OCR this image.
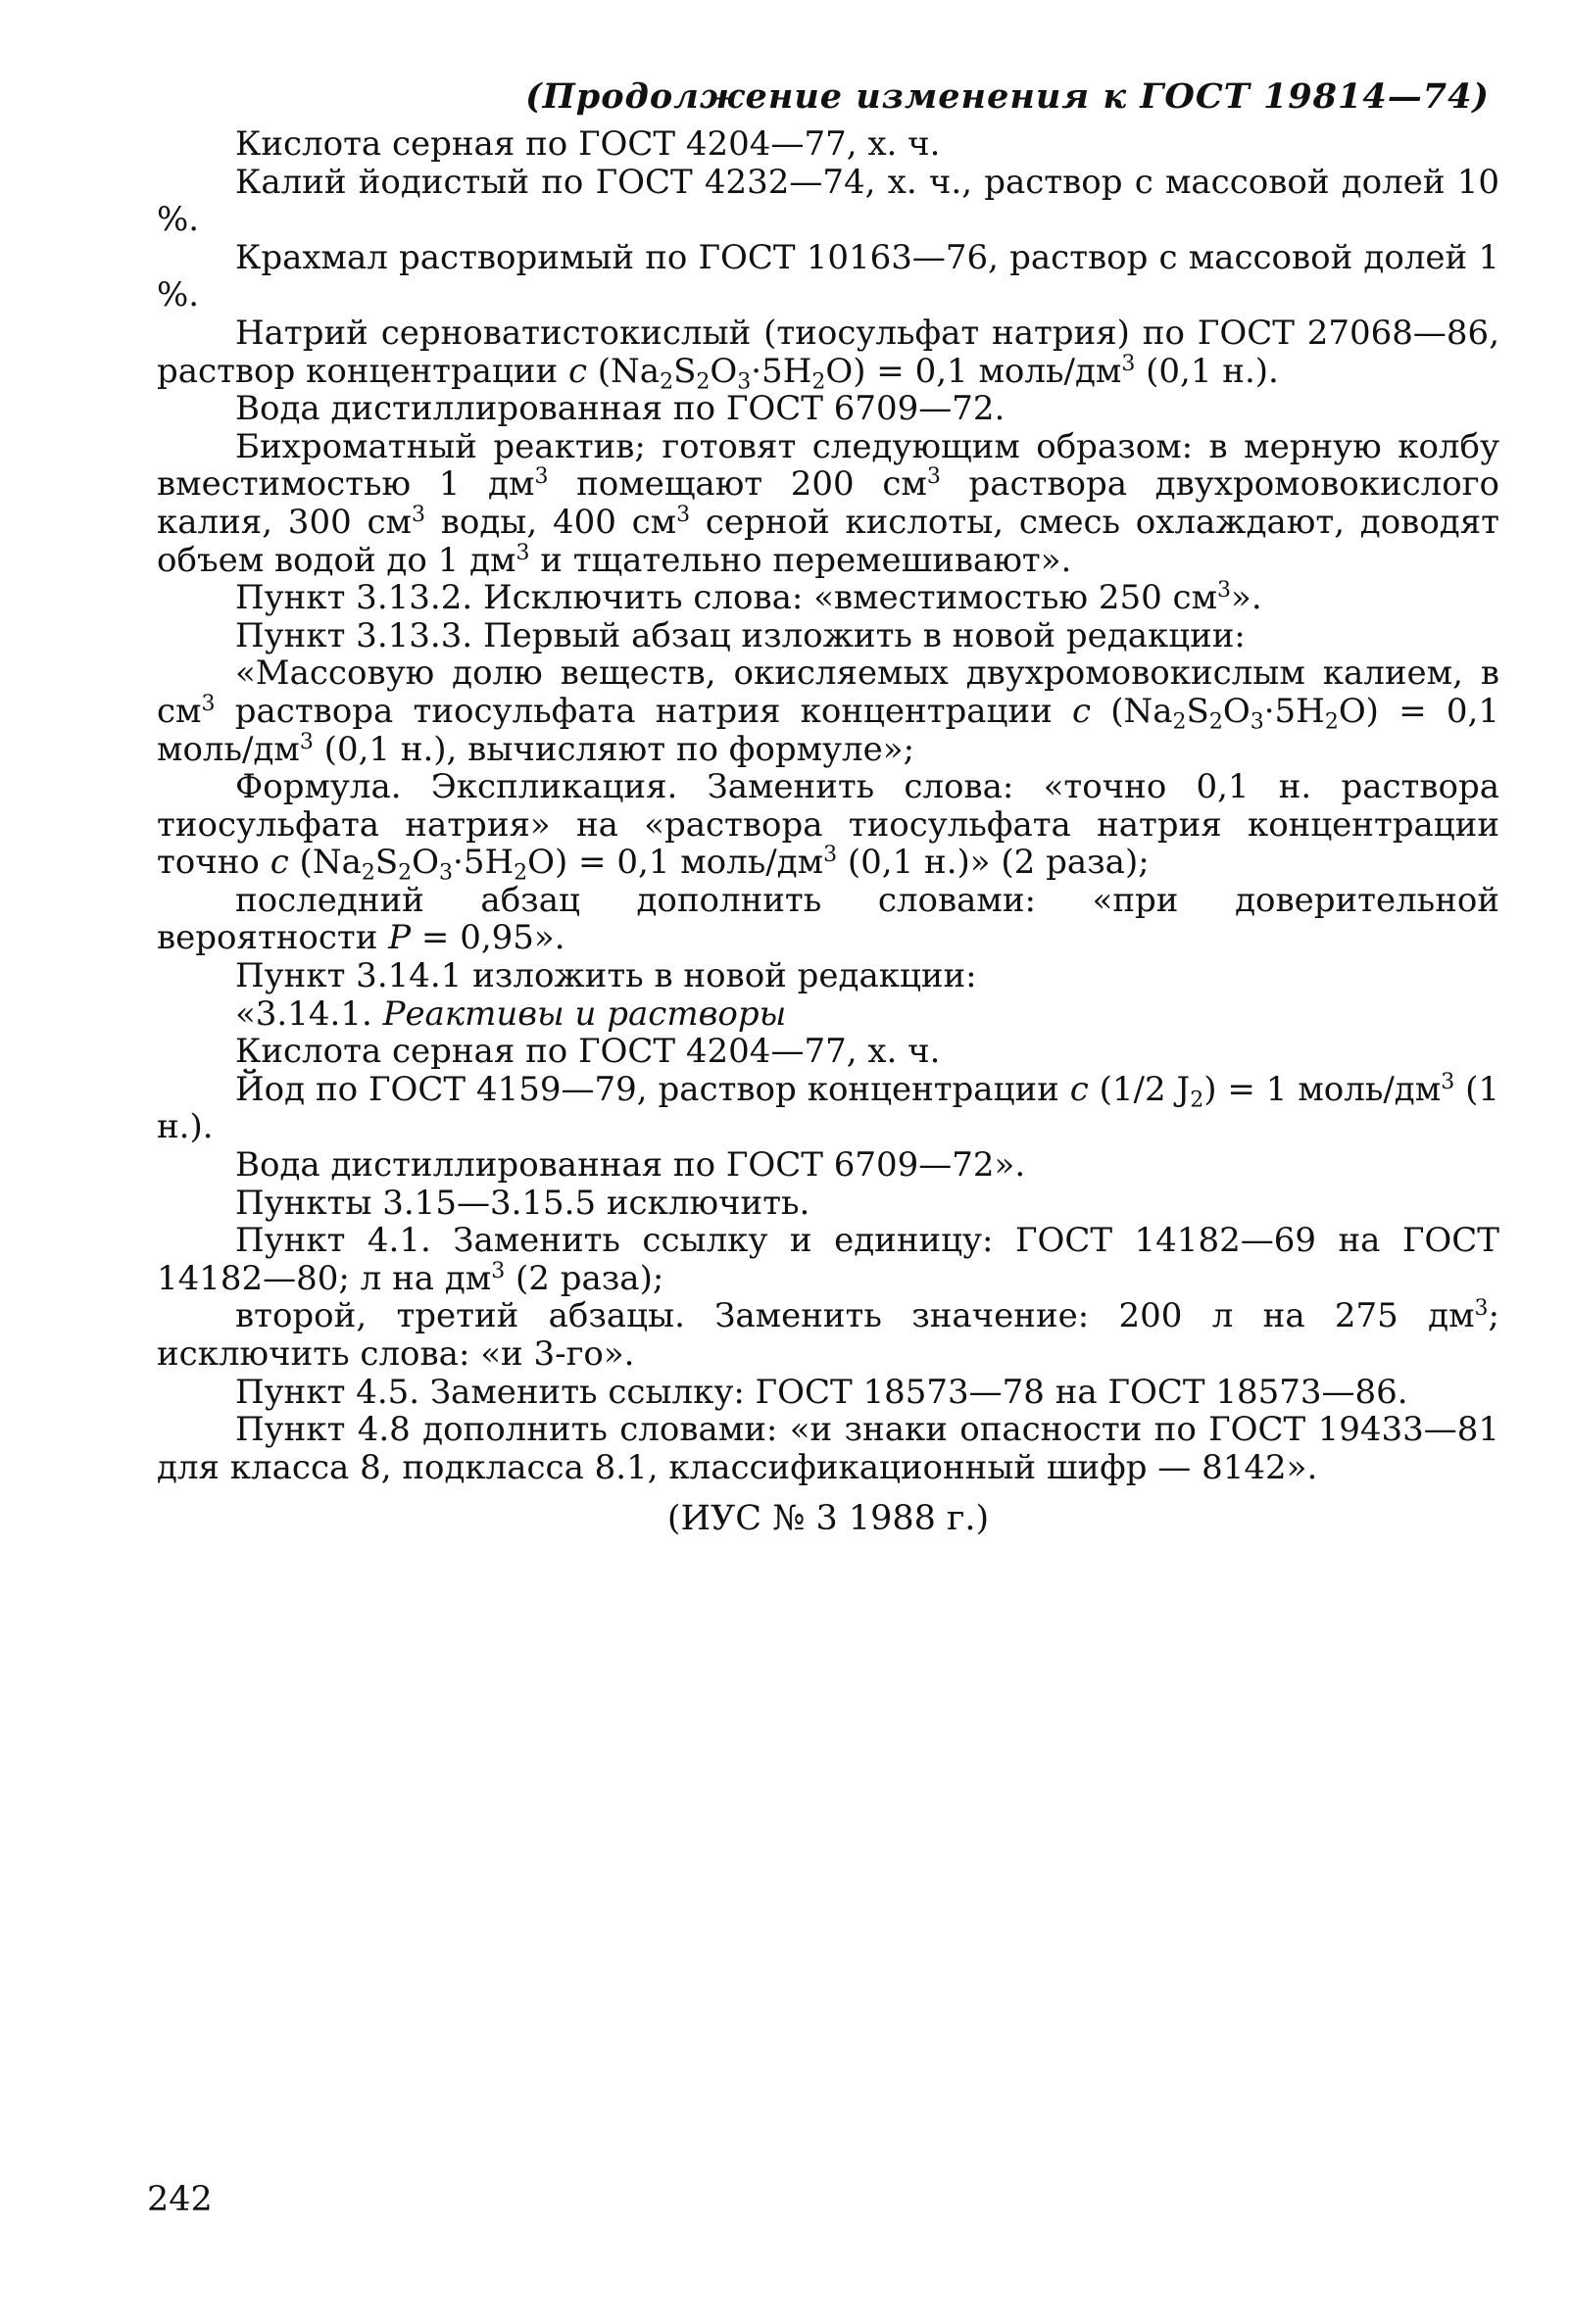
(Продолжение изменения к ГОСТ 19814—74)

Кислота серная по ГОСТ 4204—77, х. ч.

Калий йодистый по ГОСТ 4232—74, х. ч., раствор с массовой долей 10 %.

Крахмал растворимый по ГОСТ 10163—76, раствор с массовой долей 1 %.

Натрий серноватистокислый (тиосульфат натрия) по ГОСТ 27068—86, раствор концентрации c $(Na_2S_2O_3\cdot 5H_2O) = 0,1$ моль/$дм^3$ (0,1 н.).

Вода дистиллированная по ГОСТ 6709—72.

Бихроматный реактив; готовят следующим образом: в мерную колбу вместимостью 1 $дм^3$ помещают 200 $см^3$ раствора двухромовокислого калия, 300 $см^3$ воды, 400 $см^3$ серной кислоты, смесь охлаждают, доводят объем водой до 1 $дм^3$ и тщательно перемешивают».

Пункт 3.13.2. Исключить слова: «вместимостью 250 $см^3$».

Пункт 3.13.3. Первый абзац изложить в новой редакции:

«Массовую долю веществ, окисляемых двухромовокислым калием, в $см^3$ раствора тиосульфата натрия концентрации c $(Na_2S_2O_3\cdot 5H_2O) = 0,1$ моль/$дм^3$ (0,1 н.), вычисляют по формуле»;

Формула. Экспликация. Заменить слова: «точно 0,1 н. раствора тиосульфата натрия» на «раствора тиосульфата натрия концентрации точно c $(Na_2S_2O_3\cdot 5H_2O) = 0,1$ моль/$дм^3$ (0,1 н.)» (2 раза);

последний абзац дополнить словами: «при доверительной вероятности P = 0,95».

Пункт 3.14.1 изложить в новой редакции:

«3.14.1. Реактивы и растворы

Кислота серная по ГОСТ 4204—77, х. ч.

Йод по ГОСТ 4159—79, раствор концентрации c (1/2 $J_2) = 1$ моль/$дм^3$ (1 н.).

Вода дистиллированная по ГОСТ 6709—72».

Пункты 3.15—3.15.5 исключить.

Пункт 4.1. Заменить ссылку и единицу: ГОСТ 14182—69 на ГОСТ 14182—80; л на $дм^3$ (2 раза);

второй, третий абзацы. Заменить значение: 200 л на 275 $дм^3$; исключить слова: «и 3-го».

Пункт 4.5. Заменить ссылку: ГОСТ 18573—78 на ГОСТ 18573—86.

Пункт 4.8 дополнить словами: «и знаки опасности по ГОСТ 19433—81 для класса 8, подкласса 8.1, классификационный шифр — 8142».

(ИУС № 3 1988 г.)

242
